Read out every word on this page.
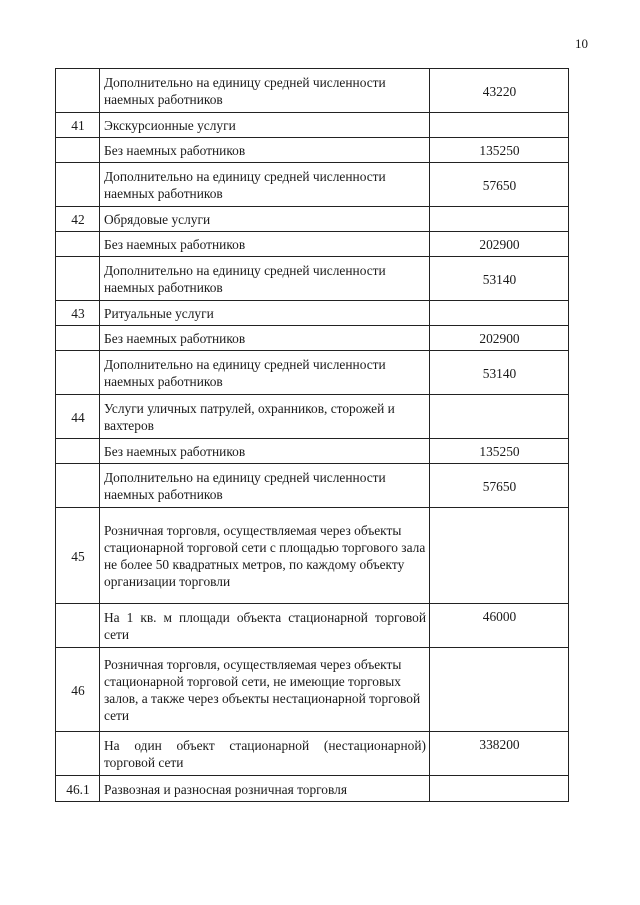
10
	Дополнительно на единицу средней численности наемных работников	43220
41	Экскурсионные услуги	
	Без наемных работников	135250
	Дополнительно на единицу средней численности наемных работников	57650
42	Обрядовые услуги	
	Без наемных работников	202900
	Дополнительно на единицу средней численности наемных работников	53140
43	Ритуальные услуги	
	Без наемных работников	202900
	Дополнительно на единицу средней численности наемных работников	53140
44	Услуги уличных патрулей, охранников, сторожей и вахтеров	
	Без наемных работников	135250
	Дополнительно на единицу средней численности наемных работников	57650
45	Розничная торговля, осуществляемая через объекты стационарной торговой сети с площадью торгового зала не более 50 квадратных метров, по каждому объекту организации торговли	
	На 1 кв. м площади объекта стационарной торговой сети	46000
46	Розничная торговля, осуществляемая через объекты стационарной торговой сети, не имеющие торговых залов, а также через объекты нестационарной торговой сети	
	На один объект стационарной (нестационарной) торговой сети	338200
46.1	Развозная и разносная розничная торговля	
